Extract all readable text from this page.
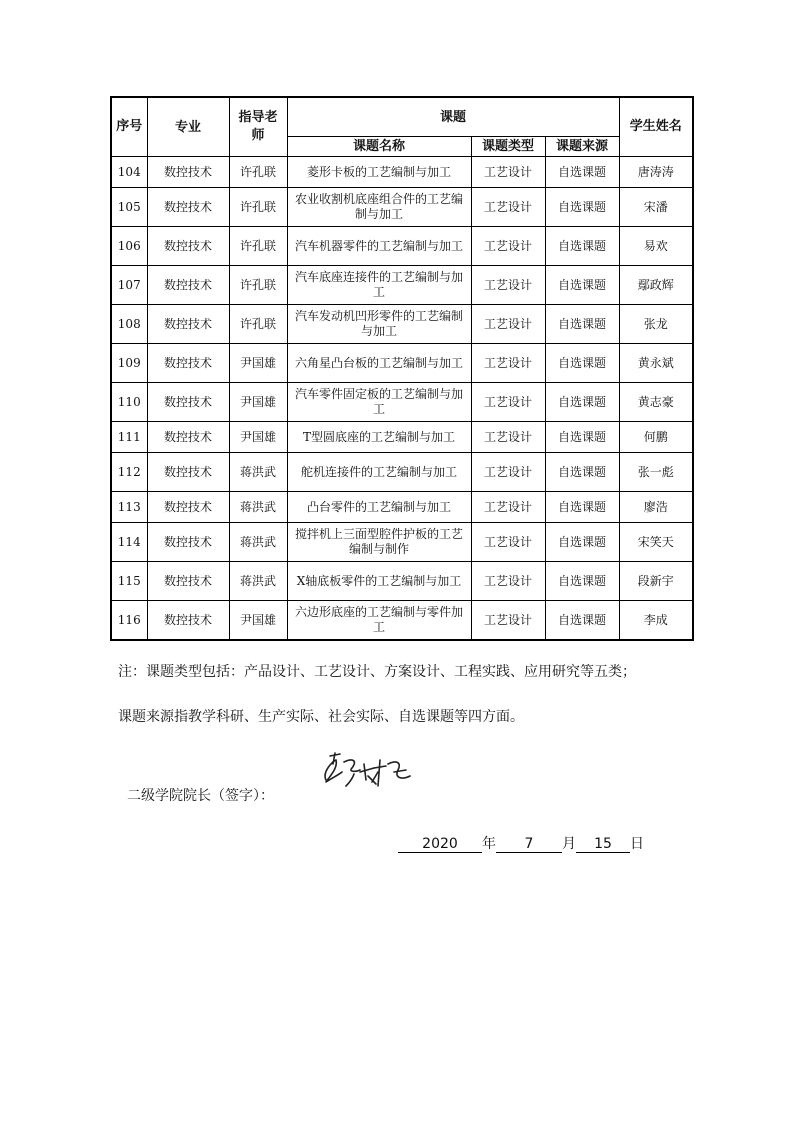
序号	专业	指导老师	课题			学生姓名
			课题名称	课题类型	课题来源	
104	数控技术	许孔联	菱形卡板的工艺编制与加工	工艺设计	自选课题	唐涛涛
105	数控技术	许孔联	农业收割机底座组合件的工艺编制与加工	工艺设计	自选课题	宋潘
106	数控技术	许孔联	汽车机器零件的工艺编制与加工	工艺设计	自选课题	易欢
107	数控技术	许孔联	汽车底座连接件的工艺编制与加工	工艺设计	自选课题	鄢政辉
108	数控技术	许孔联	汽车发动机凹形零件的工艺编制与加工	工艺设计	自选课题	张龙
109	数控技术	尹国雄	六角星凸台板的工艺编制与加工	工艺设计	自选课题	黄永斌
110	数控技术	尹国雄	汽车零件固定板的工艺编制与加工	工艺设计	自选课题	黄志豪
111	数控技术	尹国雄	T型圆底座的工艺编制与加工	工艺设计	自选课题	何鹏
112	数控技术	蒋洪武	舵机连接件的工艺编制与加工	工艺设计	自选课题	张一彪
113	数控技术	蒋洪武	凸台零件的工艺编制与加工	工艺设计	自选课题	廖浩
114	数控技术	蒋洪武	搅拌机上三面型腔件护板的工艺编制与制作	工艺设计	自选课题	宋笑天
115	数控技术	蒋洪武	X轴底板零件的工艺编制与加工	工艺设计	自选课题	段新宇
116	数控技术	尹国雄	六边形底座的工艺编制与零件加工	工艺设计	自选课题	李成
注：课题类型包括：产品设计、工艺设计、方案设计、工程实践、应用研究等五类；
课题来源指教学科研、生产实际、社会实际、自选课题等四方面。
二级学院院长（签字）：
2020 年 7 月 15 日
